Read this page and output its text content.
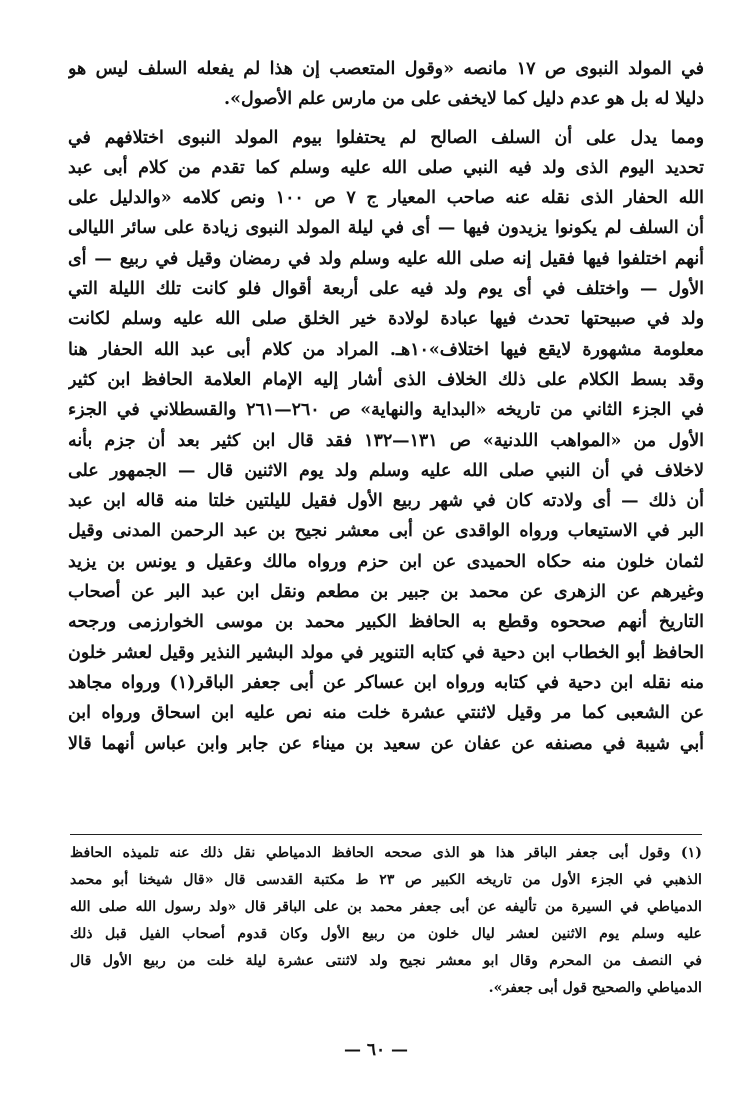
في المولد النبوى ص ١٧ مانصه «وقول المتعصب إن هذا لم يفعله السلف ليس هو
دليلا له بل هو عدم دليل كما لايخفى على من مارس علم الأصول».
ومما يدل على أن السلف الصالح لم يحتفلوا بيوم المولد النبوى اختلافهم في
تحديد اليوم الذى ولد فيه النبي صلى الله عليه وسلم كما تقدم من كلام أبى عبد
الله الحفار الذى نقله عنه صاحب المعيار ج ٧ ص ١٠٠ ونص كلامه «والدليل على
أن السلف لم يكونوا يزيدون فيها — أى في ليلة المولد النبوى زيادة على سائر الليالى
أنهم اختلفوا فيها فقيل إنه صلى الله عليه وسلم ولد في رمضان وقيل في ربيع — أى
الأول — واختلف في أى يوم ولد فيه على أربعة أقوال فلو كانت تلك الليلة التي
ولد في صبيحتها تحدث فيها عبادة لولادة خير الخلق صلى الله عليه وسلم لكانت
معلومة مشهورة لايقع فيها اختلاف»١٠هـ. المراد من كلام أبى عبد الله الحفار هنا
وقد بسط الكلام على ذلك الخلاف الذى أشار إليه الإمام العلامة الحافظ ابن كثير
في الجزء الثاني من تاريخه «البداية والنهاية» ص ٢٦٠—٢٦١ والقسطلاني في الجزء
الأول من «المواهب اللدنية» ص ١٣١—١٣٢ فقد قال ابن كثير بعد أن جزم بأنه
لاخلاف في أن النبي صلى الله عليه وسلم ولد يوم الاثنين قال — الجمهور على
أن ذلك — أى ولادته كان في شهر ربيع الأول فقيل لليلتين خلتا منه قاله ابن عبد
البر في الاستيعاب ورواه الواقدى عن أبى معشر نجيح بن عبد الرحمن المدنى وقيل
لثمان خلون منه حكاه الحميدى عن ابن حزم ورواه مالك وعقيل و يونس بن يزيد
وغيرهم عن الزهرى عن محمد بن جبير بن مطعم ونقل ابن عبد البر عن أصحاب
التاريخ أنهم صححوه وقطع به الحافظ الكبير محمد بن موسى الخوارزمى ورجحه
الحافظ أبو الخطاب ابن دحية في كتابه التنوير في مولد البشير النذير وقيل لعشر خلون
منه نقله ابن دحية في كتابه ورواه ابن عساكر عن أبى جعفر الباقر(١) ورواه مجاهد
عن الشعبى كما مر وقيل لاثنتي عشرة خلت منه نص عليه ابن اسحاق ورواه ابن
أبي شيبة في مصنفه عن عفان عن سعيد بن ميناء عن جابر وابن عباس أنهما قالا
(١) وقول أبى جعفر الباقر هذا هو الذى صححه الحافظ الدمياطي نقل ذلك عنه تلميذه الحافظ
الذهبي في الجزء الأول من تاريخه الكبير ص ٢٣ ط مكتبة القدسى قال «قال شيخنا أبو محمد
الدمياطي في السيرة من تأليفه عن أبى جعفر محمد بن على الباقر قال «ولد رسول الله صلى الله
عليه وسلم يوم الاثنين لعشر ليال خلون من ربيع الأول وكان قدوم أصحاب الفيل قبل ذلك
في النصف من المحرم وقال ابو معشر نجيح ولد لاثنتى عشرة ليلة خلت من ربيع الأول قال
الدمياطي والصحيح قول أبى جعفر».
— ٦٠ —
